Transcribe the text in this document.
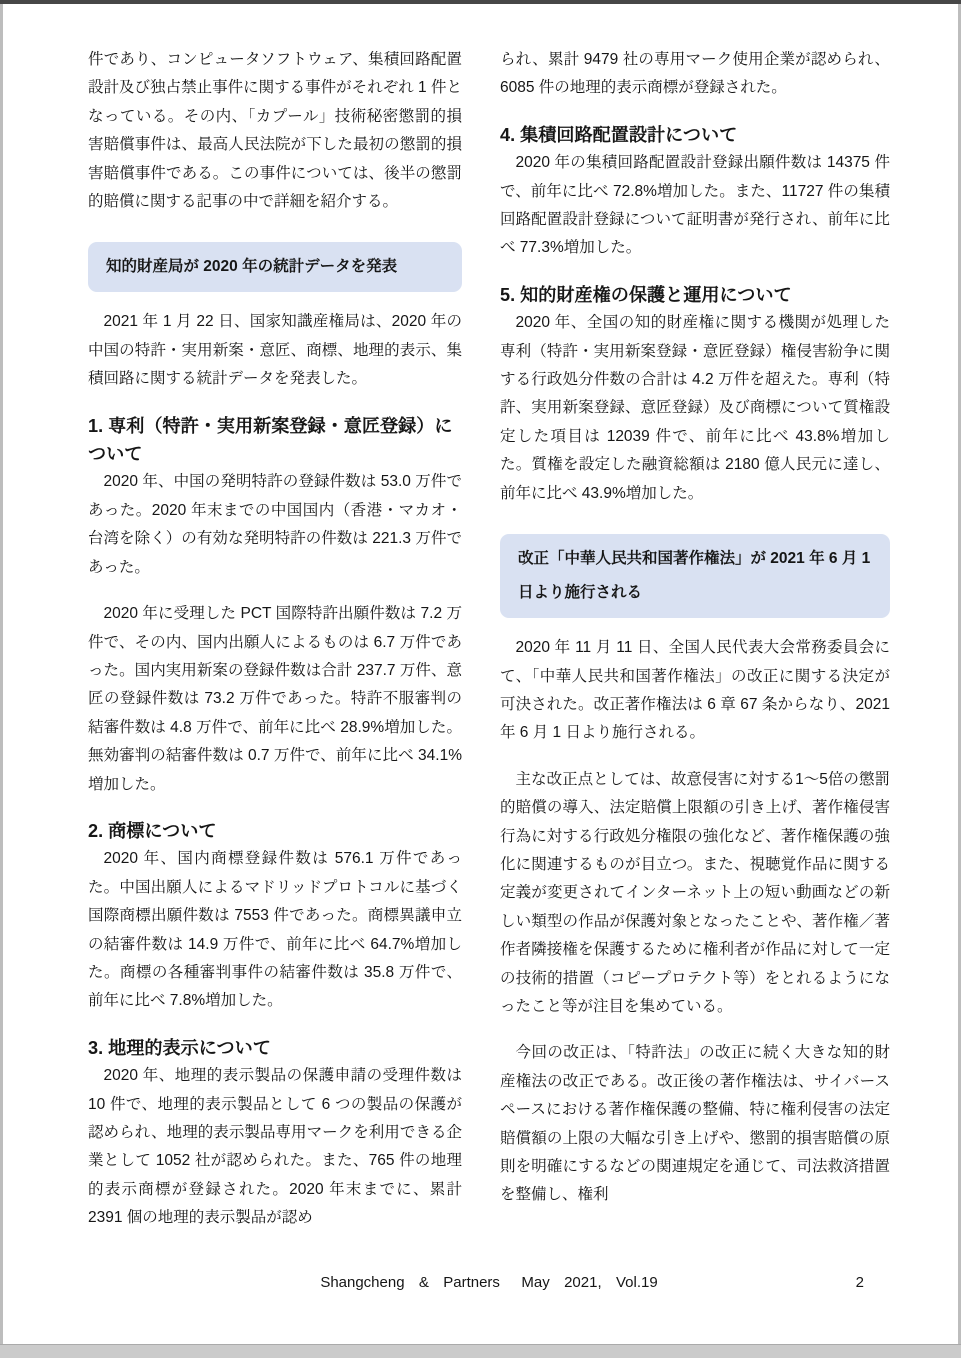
件であり、コンピュータソフトウェア、集積回路配置設計及び独占禁止事件に関する事件がそれぞれ 1 件となっている。その内、「カプール」技術秘密懲罰的損害賠償事件は、最高人民法院が下した最初の懲罰的損害賠償事件である。この事件については、後半の懲罰的賠償に関する記事の中で詳細を紹介する。

知的財産局が 2020 年の統計データを発表

2021 年 1 月 22 日、国家知識産権局は、2020 年の中国の特許・実用新案・意匠、商標、地理的表示、集積回路に関する統計データを発表した。

1. 専利（特許・実用新案登録・意匠登録）について

2020 年、中国の発明特許の登録件数は 53.0 万件であった。2020 年末までの中国国内（香港・マカオ・台湾を除く）の有効な発明特許の件数は 221.3 万件であった。

2020 年に受理した PCT 国際特許出願件数は 7.2 万件で、その内、国内出願人によるものは 6.7 万件であった。国内実用新案の登録件数は合計 237.7 万件、意匠の登録件数は 73.2 万件であった。特許不服審判の結審件数は 4.8 万件で、前年に比べ 28.9%増加した。無効審判の結審件数は 0.7 万件で、前年に比べ 34.1%増加した。

2. 商標について

2020 年、国内商標登録件数は 576.1 万件であった。中国出願人によるマドリッドプロトコルに基づく国際商標出願件数は 7553 件であった。商標異議申立の結審件数は 14.9 万件で、前年に比べ 64.7%増加した。商標の各種審判事件の結審件数は 35.8 万件で、前年に比べ 7.8%増加した。

3. 地理的表示について

2020 年、地理的表示製品の保護申請の受理件数は 10 件で、地理的表示製品として 6 つの製品の保護が認められ、地理的表示製品専用マークを利用できる企業として 1052 社が認められた。また、765 件の地理的表示商標が登録された。2020 年末までに、累計 2391 個の地理的表示製品が認め

られ、累計 9479 社の専用マーク使用企業が認められ、6085 件の地理的表示商標が登録された。

4. 集積回路配置設計について

2020 年の集積回路配置設計登録出願件数は 14375 件で、前年に比べ 72.8%増加した。また、11727 件の集積回路配置設計登録について証明書が発行され、前年に比べ 77.3%増加した。

5. 知的財産権の保護と運用について

2020 年、全国の知的財産権に関する機関が処理した専利（特許・実用新案登録・意匠登録）権侵害紛争に関する行政処分件数の合計は 4.2 万件を超えた。専利（特許、実用新案登録、意匠登録）及び商標について質権設定した項目は 12039 件で、前年に比べ 43.8%増加した。質権を設定した融資総額は 2180 億人民元に達し、前年に比べ 43.9%増加した。

改正「中華人民共和国著作権法」が 2021 年 6 月 1 日より施行される

2020 年 11 月 11 日、全国人民代表大会常務委員会にて、「中華人民共和国著作権法」の改正に関する決定が可決された。改正著作権法は 6 章 67 条からなり、2021 年 6 月 1 日より施行される。

主な改正点としては、故意侵害に対する1～5倍の懲罰的賠償の導入、法定賠償上限額の引き上げ、著作権侵害行為に対する行政処分権限の強化など、著作権保護の強化に関連するものが目立つ。また、視聴覚作品に関する定義が変更されてインターネット上の短い動画などの新しい類型の作品が保護対象となったことや、著作権／著作者隣接権を保護するために権利者が作品に対して一定の技術的措置（コピープロテクト等）をとれるようになったこと等が注目を集めている。

今回の改正は、「特許法」の改正に続く大きな知的財産権法の改正である。改正後の著作権法は、サイバースペースにおける著作権保護の整備、特に権利侵害の法定賠償額の上限の大幅な引き上げや、懲罰的損害賠償の原則を明確にするなどの関連規定を通じて、司法救済措置を整備し、権利

Shangcheng  &  Partners   May  2021,  Vol.19	2
